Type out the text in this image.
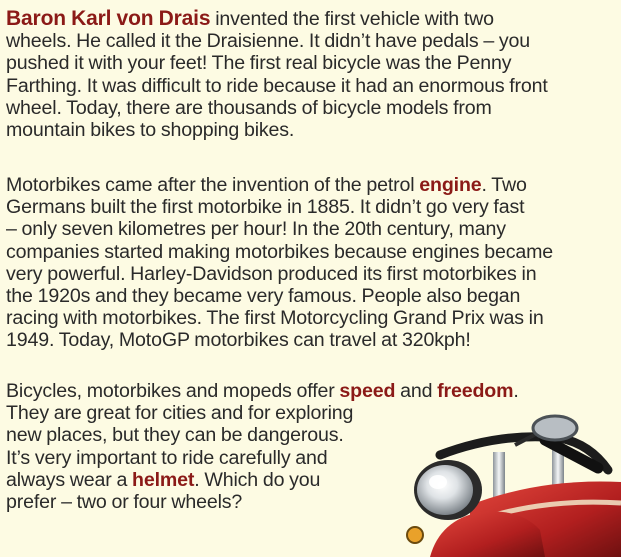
Baron Karl von Drais invented the first vehicle with two
wheels. He called it the Draisienne. It didn’t have pedals – you
pushed it with your feet! The first real bicycle was the Penny
Farthing. It was difficult to ride because it had an enormous front
wheel. Today, there are thousands of bicycle models from
mountain bikes to shopping bikes.

Motorbikes came after the invention of the petrol engine. Two
Germans built the first motorbike in 1885. It didn’t go very fast
– only seven kilometres per hour! In the 20th century, many
companies started making motorbikes because engines became
very powerful. Harley-Davidson produced its first motorbikes in
the 1920s and they became very famous. People also began
racing with motorbikes. The first Motorcycling Grand Prix was in
1949. Today, MotoGP motorbikes can travel at 320kph!

Bicycles, motorbikes and mopeds offer speed and freedom.
They are great for cities and for exploring
new places, but they can be dangerous.
It’s very important to ride carefully and
always wear a helmet. Which do you
prefer – two or four wheels?
